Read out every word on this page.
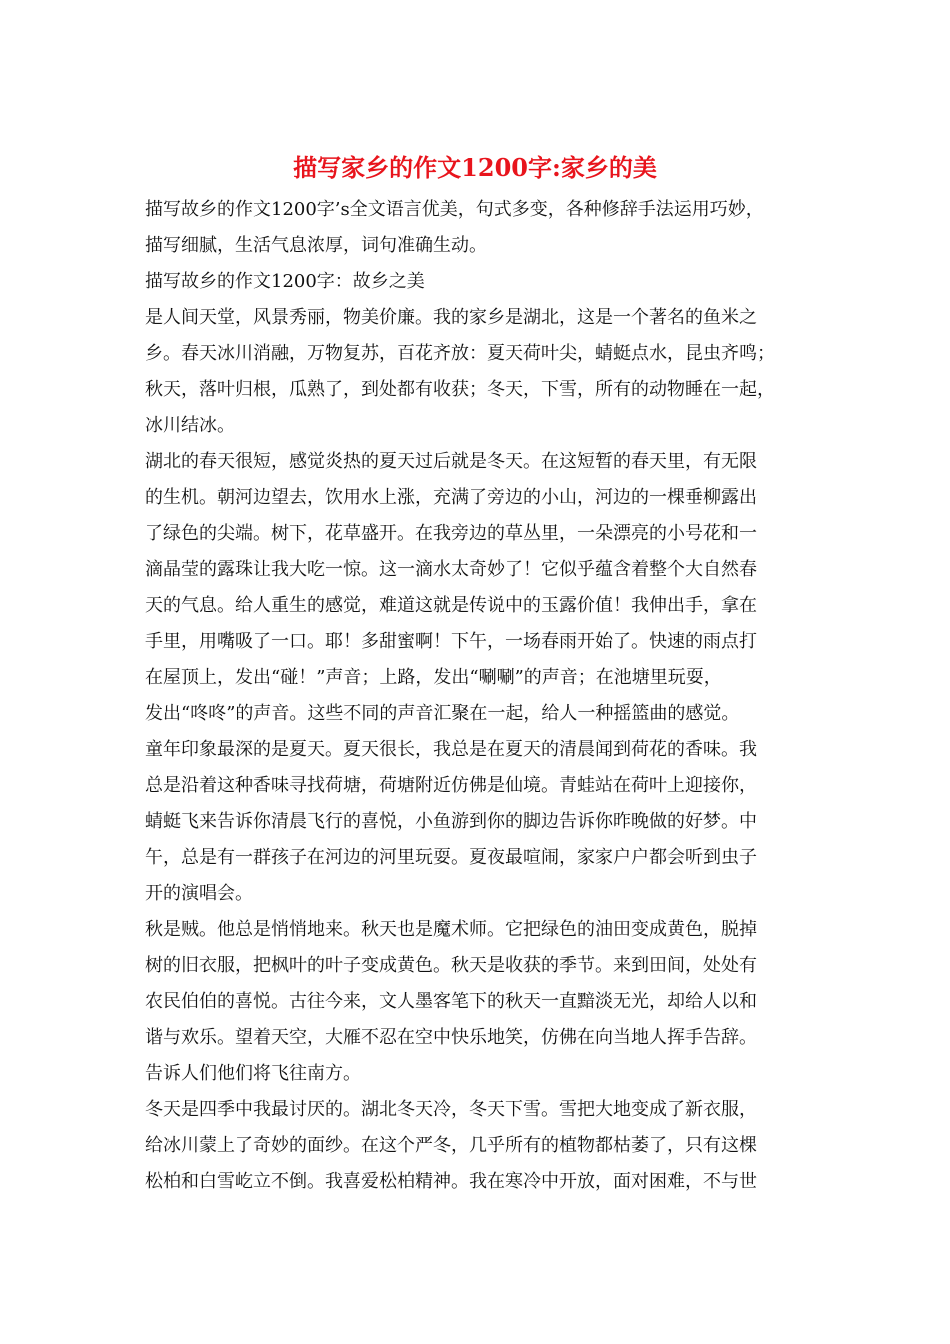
描写家乡的作文1200字:家乡的美
描写故乡的作文1200字’s全文语言优美，句式多变，各种修辞手法运用巧妙，
描写细腻，生活气息浓厚，词句准确生动。
描写故乡的作文1200字：故乡之美
是人间天堂，风景秀丽，物美价廉。我的家乡是湖北，这是一个著名的鱼米之
乡。春天冰川消融，万物复苏，百花齐放：夏天荷叶尖，蜻蜓点水，昆虫齐鸣；
秋天，落叶归根，瓜熟了，到处都有收获；冬天，下雪，所有的动物睡在一起，
冰川结冰。
湖北的春天很短，感觉炎热的夏天过后就是冬天。在这短暂的春天里，有无限
的生机。朝河边望去，饮用水上涨，充满了旁边的小山，河边的一棵垂柳露出
了绿色的尖端。树下，花草盛开。在我旁边的草丛里，一朵漂亮的小号花和一
滴晶莹的露珠让我大吃一惊。这一滴水太奇妙了！它似乎蕴含着整个大自然春
天的气息。给人重生的感觉，难道这就是传说中的玉露价值！我伸出手，拿在
手里，用嘴吸了一口。耶！多甜蜜啊！下午，一场春雨开始了。快速的雨点打
在屋顶上，发出“碰！”声音；上路，发出“唰唰”的声音；在池塘里玩耍，
发出“咚咚”的声音。这些不同的声音汇聚在一起，给人一种摇篮曲的感觉。
童年印象最深的是夏天。夏天很长，我总是在夏天的清晨闻到荷花的香味。我
总是沿着这种香味寻找荷塘，荷塘附近仿佛是仙境。青蛙站在荷叶上迎接你，
蜻蜓飞来告诉你清晨飞行的喜悦，小鱼游到你的脚边告诉你昨晚做的好梦。中
午，总是有一群孩子在河边的河里玩耍。夏夜最喧闹，家家户户都会听到虫子
开的演唱会。
秋是贼。他总是悄悄地来。秋天也是魔术师。它把绿色的油田变成黄色，脱掉
树的旧衣服，把枫叶的叶子变成黄色。秋天是收获的季节。来到田间，处处有
农民伯伯的喜悦。古往今来，文人墨客笔下的秋天一直黯淡无光，却给人以和
谐与欢乐。望着天空，大雁不忍在空中快乐地笑，仿佛在向当地人挥手告辞。
告诉人们他们将飞往南方。
冬天是四季中我最讨厌的。湖北冬天冷，冬天下雪。雪把大地变成了新衣服，
给冰川蒙上了奇妙的面纱。在这个严冬，几乎所有的植物都枯萎了，只有这棵
松柏和白雪屹立不倒。我喜爱松柏精神。我在寒冷中开放，面对困难，不与世
